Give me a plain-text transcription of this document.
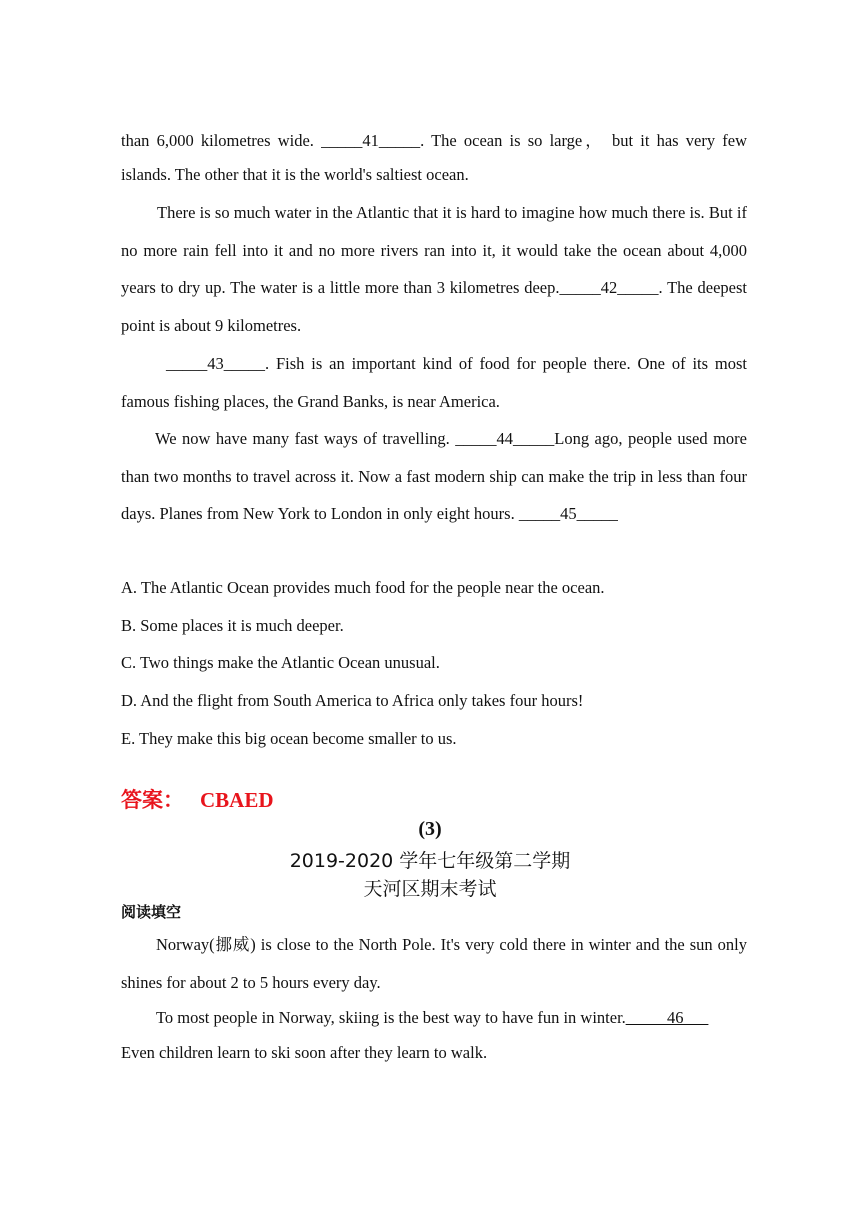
than 6,000 kilometres wide. _____41_____. The ocean is so large， but it has very few

islands. The other that it is the world's saltiest ocean.

There is so much water in the Atlantic that it is hard to imagine how much there is. But if no more rain fell into it and no more rivers ran into it, it would take the ocean about 4,000 years to dry up. The water is a little more than 3 kilometres deep._____42_____. The deepest point is about 9 kilometres.

_____43_____. Fish is an important kind of food for people there. One of its most famous fishing places, the Grand Banks, is near America.

We now have many fast ways of travelling. _____44_____Long ago, people used more than two months to travel across it. Now a fast modern ship can make the trip in less than four days. Planes from New York to London in only eight hours. _____45_____

A. The Atlantic Ocean provides much food for the people near the ocean.

B. Some places it is much deeper.

C. Two things make the Atlantic Ocean unusual.

D. And the flight from South America to Africa only takes four hours!

E. They make this big ocean become smaller to us.

答案： CBAED
(3)
2019-2020 学年七年级第二学期
天河区期末考试
阅读填空

Norway(挪威) is close to the North Pole. It's very cold there in winter and the sun only shines for about 2 to 5 hours every day.

To most people in Norway, skiing is the best way to have fun in winter._____46___

Even children learn to ski soon after they learn to walk.
